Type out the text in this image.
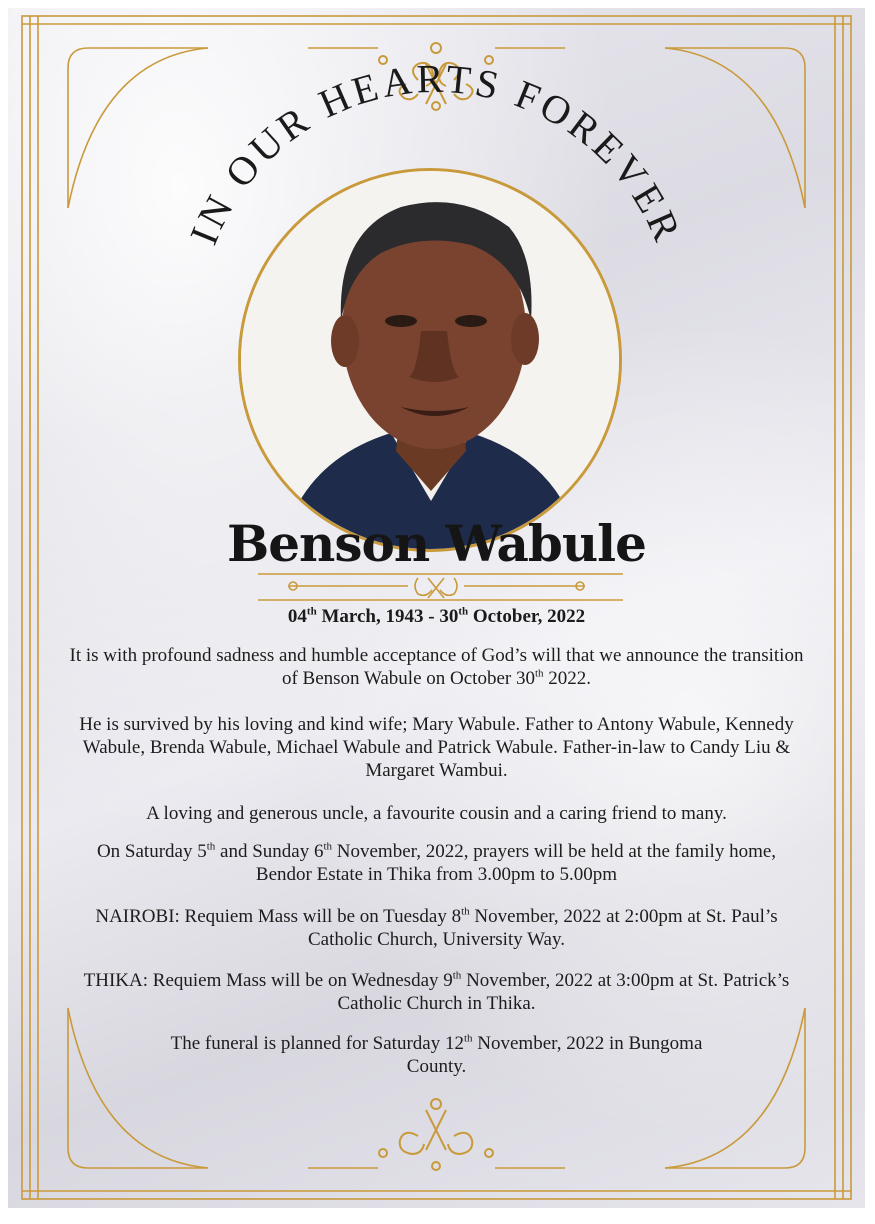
IN OUR HEARTS FOREVER
Benson Wabule
04th March, 1943 - 30th October, 2022

It is with profound sadness and humble acceptance of God’s will that we announce the transition of Benson Wabule on October 30th 2022.

He is survived by his loving and kind wife; Mary Wabule. Father to Antony Wabule, Kennedy Wabule, Brenda Wabule, Michael Wabule and Patrick Wabule. Father-in-law to Candy Liu & Margaret Wambui.

A loving and generous uncle, a favourite cousin and a caring friend to many.

On Saturday 5th and Sunday 6th November, 2022, prayers will be held at the family home, Bendor Estate in Thika from 3.00pm to 5.00pm

NAIROBI: Requiem Mass will be on Tuesday 8th November, 2022 at 2:00pm at St. Paul’s Catholic Church, University Way.

THIKA: Requiem Mass will be on Wednesday 9th November, 2022 at 3:00pm at St. Patrick’s Catholic Church in Thika.

The funeral is planned for Saturday 12th November, 2022 in Bungoma County.
